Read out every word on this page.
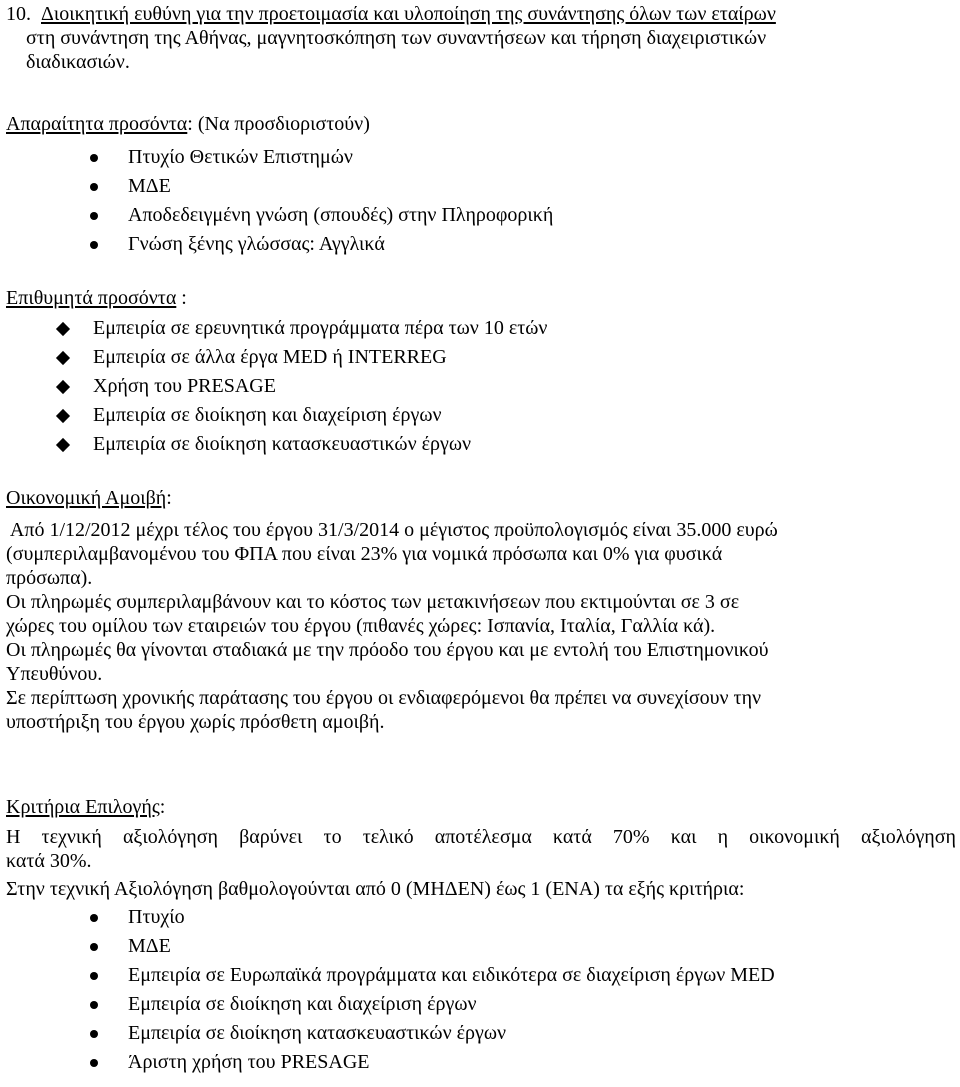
10. Διοικητική ευθύνη για την προετοιμασία και υλοποίηση της συνάντησης όλων των εταίρων

στη συνάντηση της Αθήνας, μαγνητοσκόπηση των συναντήσεων και τήρηση διαχειριστικών

διαδικασιών.

Απαραίτητα προσόντα: (Να προσδιοριστούν)

Πτυχίο Θετικών Επιστημών
ΜΔΕ
Αποδεδειγμένη γνώση (σπουδές) στην Πληροφορική
Γνώση ξένης γλώσσας: Αγγλικά

Επιθυμητά προσόντα :

Εμπειρία σε ερευνητικά προγράμματα πέρα των 10 ετών
Εμπειρία σε άλλα έργα MED ή INTERREG
Χρήση του PRESAGE
Εμπειρία σε διοίκηση και διαχείριση έργων
Εμπειρία σε διοίκηση κατασκευαστικών έργων

Οικονομική Αμοιβή:

Από 1/12/2012 μέχρι τέλος του έργου 31/3/2014 ο μέγιστος προϋπολογισμός είναι 35.000 ευρώ

(συμπεριλαμβανομένου του ΦΠΑ που είναι 23% για νομικά πρόσωπα και 0% για φυσικά

πρόσωπα).

Οι πληρωμές συμπεριλαμβάνουν και το κόστος των μετακινήσεων που εκτιμούνται σε 3 σε

χώρες του ομίλου των εταιρειών του έργου (πιθανές χώρες: Ισπανία, Ιταλία, Γαλλία κά).

Οι πληρωμές θα γίνονται σταδιακά με την πρόοδο του έργου και με εντολή του Επιστημονικού

Υπευθύνου.

Σε περίπτωση χρονικής παράτασης του έργου οι ενδιαφερόμενοι θα πρέπει να συνεχίσουν την

υποστήριξη του έργου χωρίς πρόσθετη αμοιβή.

Κριτήρια Επιλογής:

Η τεχνική αξιολόγηση βαρύνει το τελικό αποτέλεσμα κατά 70% και η οικονομική αξιολόγηση

κατά 30%.

Στην τεχνική Αξιολόγηση βαθμολογούνται από 0 (ΜΗΔΕΝ) έως 1 (ΕΝΑ) τα εξής κριτήρια:

Πτυχίο
ΜΔΕ
Εμπειρία σε Ευρωπαϊκά προγράμματα και ειδικότερα σε διαχείριση έργων MED
Εμπειρία σε διοίκηση και διαχείριση έργων
Εμπειρία σε διοίκηση κατασκευαστικών έργων
Άριστη χρήση του PRESAGE
